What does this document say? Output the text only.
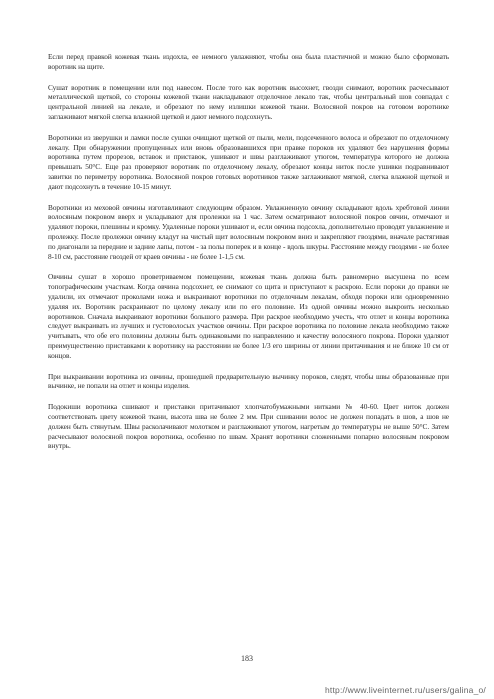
Если перед правкой кожевая ткань издохла, ее немного увлажняют, чтобы она была пластичной и можно было сформовать воротник на щите.

Сушат воротник в помещении или под навесом. После того как воротник высохнет, гвозди снимают, воротник расчесывают металлической щеткой, со стороны кожевой ткани накладывают отделочное лекало так, чтобы центральный шов совпадал с центральной линией на лекале, и обрезают по нему излишки кожевой ткани. Волосяной покров на готовом воротнике заглаживают мягкой слегка влажной щеткой и дают немного подсохнуть.

Воротники из зверушки и ламки после сушки очищают щеткой от пыли, мели, подсеченного волоса и обрезают по отделочному лекалу. При обнаружении пропущенных или вновь образовавшихся при правке пороков их удаляют без нарушения формы воротника путем прорезов, вставок и приставок, ушивают и швы разглаживают утюгом, температура которого не должна превышать 50°С. Еще раз проверяют воротник по отделочному лекалу, обрезают концы ниток после ушивки подравнивают завитки по периметру воротника. Волосяной покров готовых воротников также заглаживают мягкой, слегка влажной щеткой и дают подсохнуть в течение 10-15 минут.

Воротники из меховой овчины изготавливают следующим образом. Увлажненную овчину складывают вдоль хребтовой линии волосяным покровом вверх и укладывают для пролежки на 1 час. Затем осматривают волосяной покров овчин, отмечают и удаляют пороки, плешины и кромку. Удаленные пороки ушивают и, если овчина подсохла, дополнительно проводят увлажнение и пролежку. После пролежки овчину кладут на чистый щит волосяным покровом вниз и закрепляют гвоздями, вначале растягивая по диагонали за передние и задние лапы, потом - за полы поперек и в конце - вдоль шкуры. Расстояние между гвоздями - не более 8-10 см, расстояние гвоздей от краев овчины - не более 1-1,5 см.

Овчины сушат в хорошо проветриваемом помещении, кожевая ткань должна быть равномерно высушена по всем топографическим участкам. Когда овчина подсохнет, ее снимают со щита и приступают к раскрою. Если пороки до правки не удалили, их отмечают проколами ножа и выкраивают воротники по отделочным лекалам, обходя пороки или одновременно удаляя их. Воротник раскраивают по целому лекалу или по его половине. Из одной овчины можно выкроить несколько воротников. Сначала выкраивают воротники большого размера. При раскрое необходимо учесть, что отлет и концы воротника следует выкраивать из лучших и густоволосых участков овчины. При раскрое воротника по половине лекала необходимо также учитывать, что обе его половины должны быть одинаковыми по направлению и качеству волосяного покрова. Пороки удаляют преимущественно приставками к воротнику на расстоянии не более 1/3 его ширины от линии притачивания и не ближе 10 см от концов.

При выкраивании воротника из овчины, прошедшей предварительную вычинку пороков, следят, чтобы швы образованные при вычинке, не попали на отлет и концы изделия.

Подокиши воротника сшивают и приставки притачивают хлопчатобумажными нитками № 40-60. Цвет ниток должен соответствовать цвету кожевой ткани, высота шва не более 2 мм. При сшивании волос не должен попадать в шов, а шов не должен быть стянутым. Швы расколачивают молотком и разглаживают утюгом, нагретым до температуры не выше 50°С. Затем расчесывают волосяной покров воротника, особенно по швам. Хранят воротники сложенными попарно волосяным покровом внутрь.

183
http://www.liveinternet.ru/users/galina_o/
